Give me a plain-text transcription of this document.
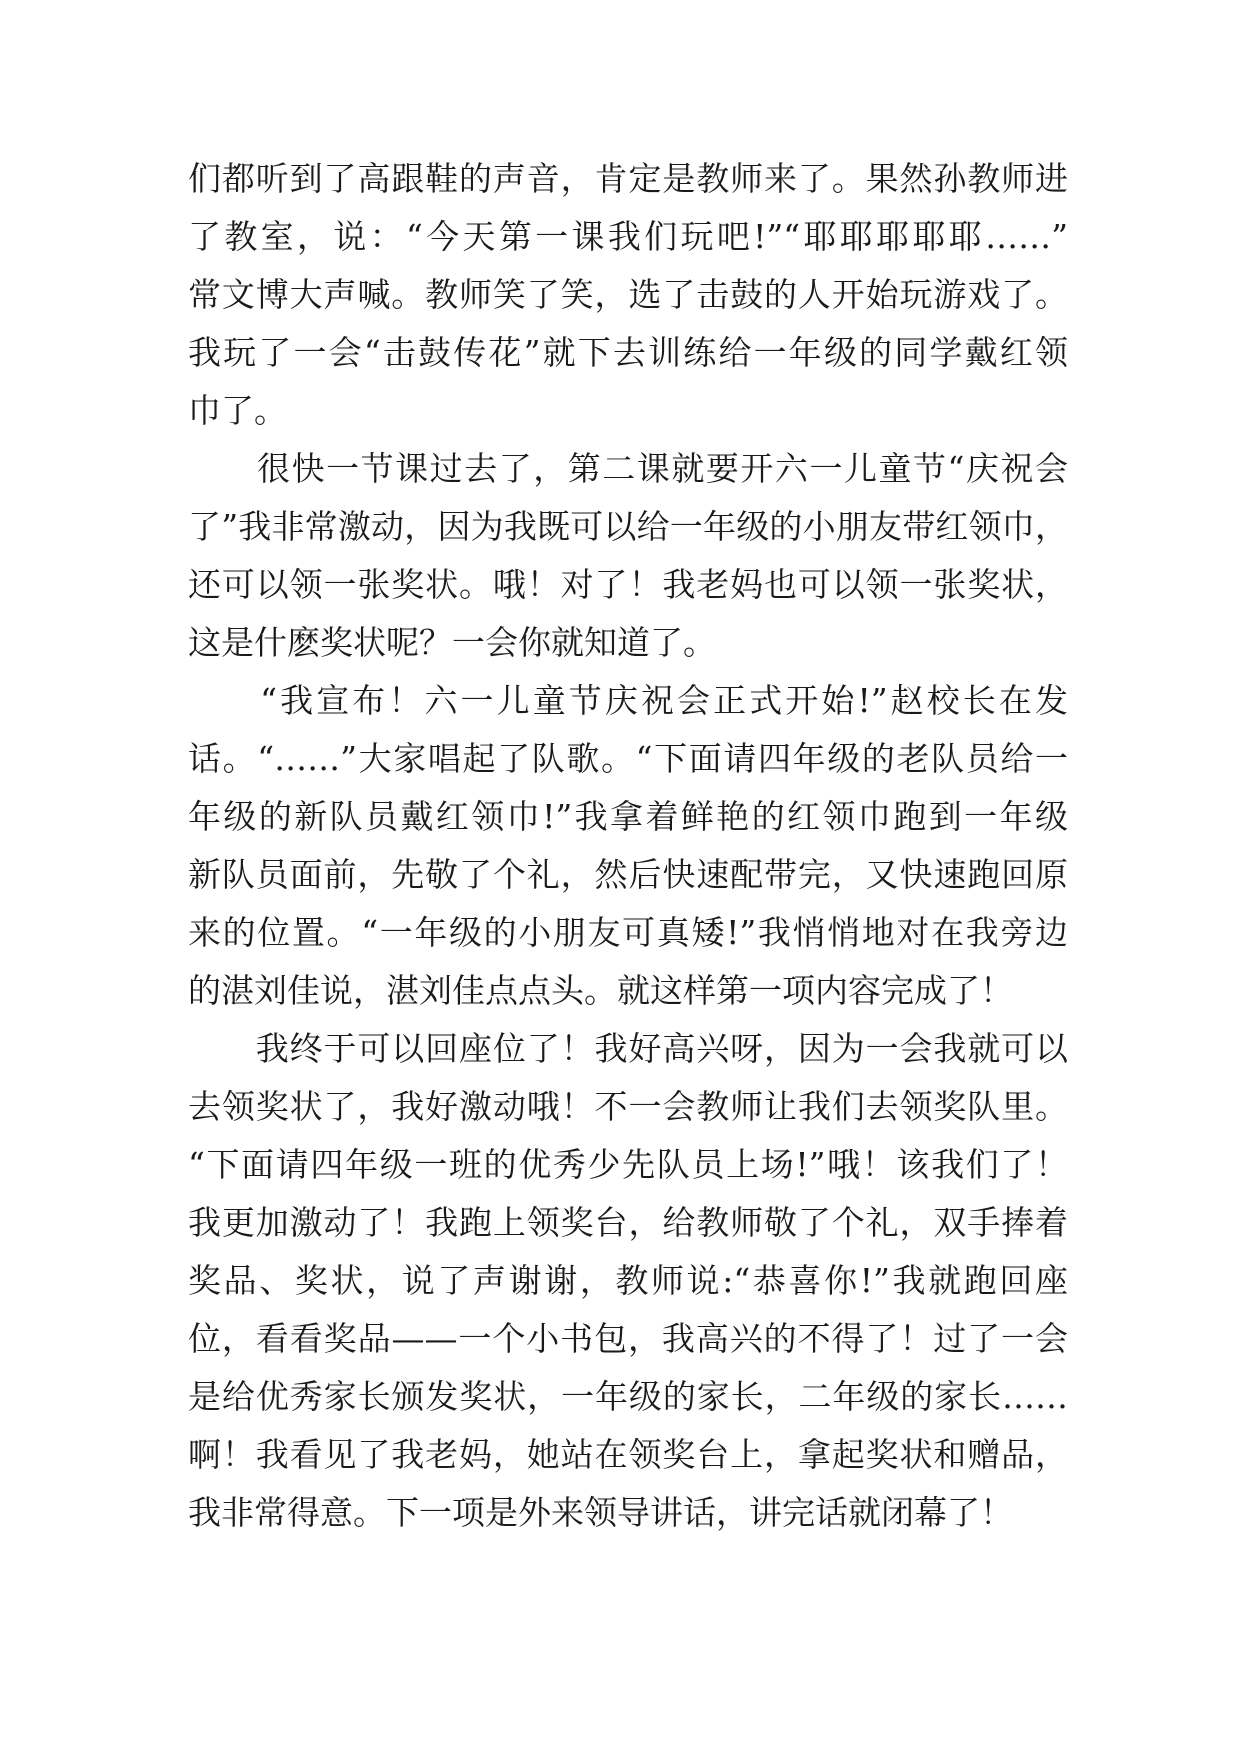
们都听到了高跟鞋的声音，肯定是教师来了。果然孙教师进
了教室，说：“今天第一课我们玩吧!”“耶耶耶耶耶……”
常文博大声喊。教师笑了笑，选了击鼓的人开始玩游戏了。
我玩了一会“击鼓传花”就下去训练给一年级的同学戴红领
巾了。
　　很快一节课过去了，第二课就要开六一儿童节“庆祝会
了”我非常激动，因为我既可以给一年级的小朋友带红领巾，
还可以领一张奖状。哦！对了！我老妈也可以领一张奖状，
这是什麽奖状呢？一会你就知道了。
　　“我宣布！六一儿童节庆祝会正式开始!”赵校长在发
话。“……”大家唱起了队歌。“下面请四年级的老队员给一
年级的新队员戴红领巾!”我拿着鲜艳的红领巾跑到一年级
新队员面前，先敬了个礼，然后快速配带完，又快速跑回原
来的位置。“一年级的小朋友可真矮!”我悄悄地对在我旁边
的湛刘佳说，湛刘佳点点头。就这样第一项内容完成了！
　　我终于可以回座位了！我好高兴呀，因为一会我就可以
去领奖状了，我好激动哦！不一会教师让我们去领奖队里。
“下面请四年级一班的优秀少先队员上场!”哦！该我们了！
我更加激动了！我跑上领奖台，给教师敬了个礼，双手捧着
奖品、奖状，说了声谢谢，教师说:“恭喜你!”我就跑回座
位，看看奖品——一个小书包，我高兴的不得了！过了一会
是给优秀家长颁发奖状，一年级的家长，二年级的家长……
啊！我看见了我老妈，她站在领奖台上，拿起奖状和赠品，
我非常得意。下一项是外来领导讲话，讲完话就闭幕了！
